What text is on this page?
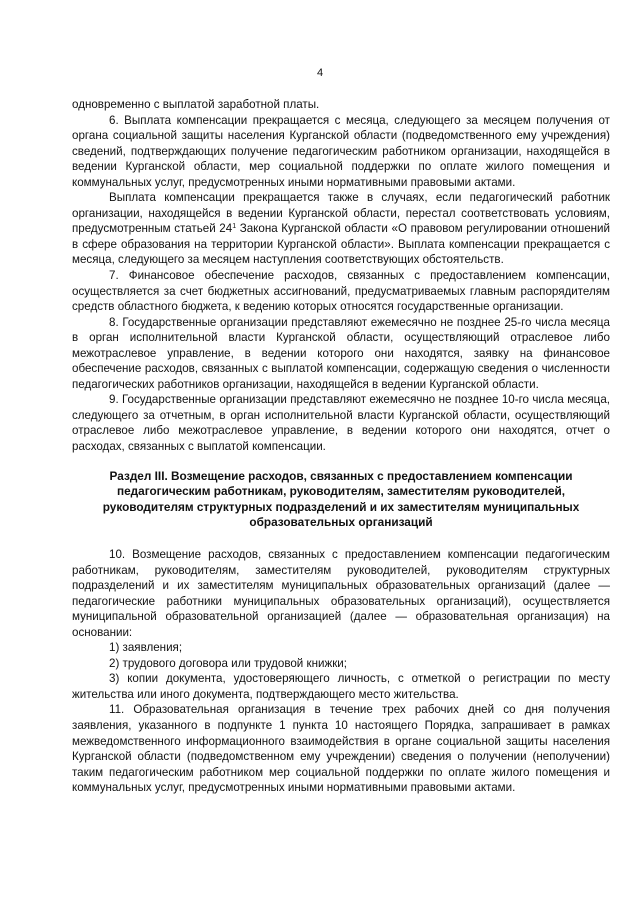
4

одновременно с выплатой заработной платы.

6. Выплата компенсации прекращается с месяца, следующего за месяцем получения от органа социальной защиты населения Курганской области (подведомственного ему учреждения) сведений, подтверждающих получение педагогическим работником организации, находящейся в ведении Курганской области, мер социальной поддержки по оплате жилого помещения и коммунальных услуг, предусмотренных иными нормативными правовыми актами.

Выплата компенсации прекращается также в случаях, если педагогический работник организации, находящейся в ведении Курганской области, перестал соответствовать условиям, предусмотренным статьей $24^1$ Закона Курганской области «О правовом регулировании отношений в сфере образования на территории Курганской области». Выплата компенсации прекращается с месяца, следующего за месяцем наступления соответствующих обстоятельств.

7. Финансовое обеспечение расходов, связанных с предоставлением компенсации, осуществляется за счет бюджетных ассигнований, предусматриваемых главным распорядителям средств областного бюджета, к ведению которых относятся государственные организации.

8. Государственные организации представляют ежемесячно не позднее 25-го числа месяца в орган исполнительной власти Курганской области, осуществляющий отраслевое либо межотраслевое управление, в ведении которого они находятся, заявку на финансовое обеспечение расходов, связанных с выплатой компенсации, содержащую сведения о численности педагогических работников организации, находящейся в ведении Курганской области.

9. Государственные организации представляют ежемесячно не позднее 10-го числа месяца, следующего за отчетным, в орган исполнительной власти Курганской области, осуществляющий отраслевое либо межотраслевое управление, в ведении которого они находятся, отчет о расходах, связанных с выплатой компенсации.

Раздел III. Возмещение расходов, связанных с предоставлением компенсации педагогическим работникам, руководителям, заместителям руководителей, руководителям структурных подразделений и их заместителям муниципальных образовательных организаций

10. Возмещение расходов, связанных с предоставлением компенсации педагогическим работникам, руководителям, заместителям руководителей, руководителям структурных подразделений и их заместителям муниципальных образовательных организаций (далее — педагогические работники муниципальных образовательных организаций), осуществляется муниципальной образовательной организацией (далее — образовательная организация) на основании:

1) заявления;

2) трудового договора или трудовой книжки;

3) копии документа, удостоверяющего личность, с отметкой о регистрации по месту жительства или иного документа, подтверждающего место жительства.

11. Образовательная организация в течение трех рабочих дней со дня получения заявления, указанного в подпункте 1 пункта 10 настоящего Порядка, запрашивает в рамках межведомственного информационного взаимодействия в органе социальной защиты населения Курганской области (подведомственном ему учреждении) сведения о получении (неполучении) таким педагогическим работником мер социальной поддержки по оплате жилого помещения и коммунальных услуг, предусмотренных иными нормативными правовыми актами.
